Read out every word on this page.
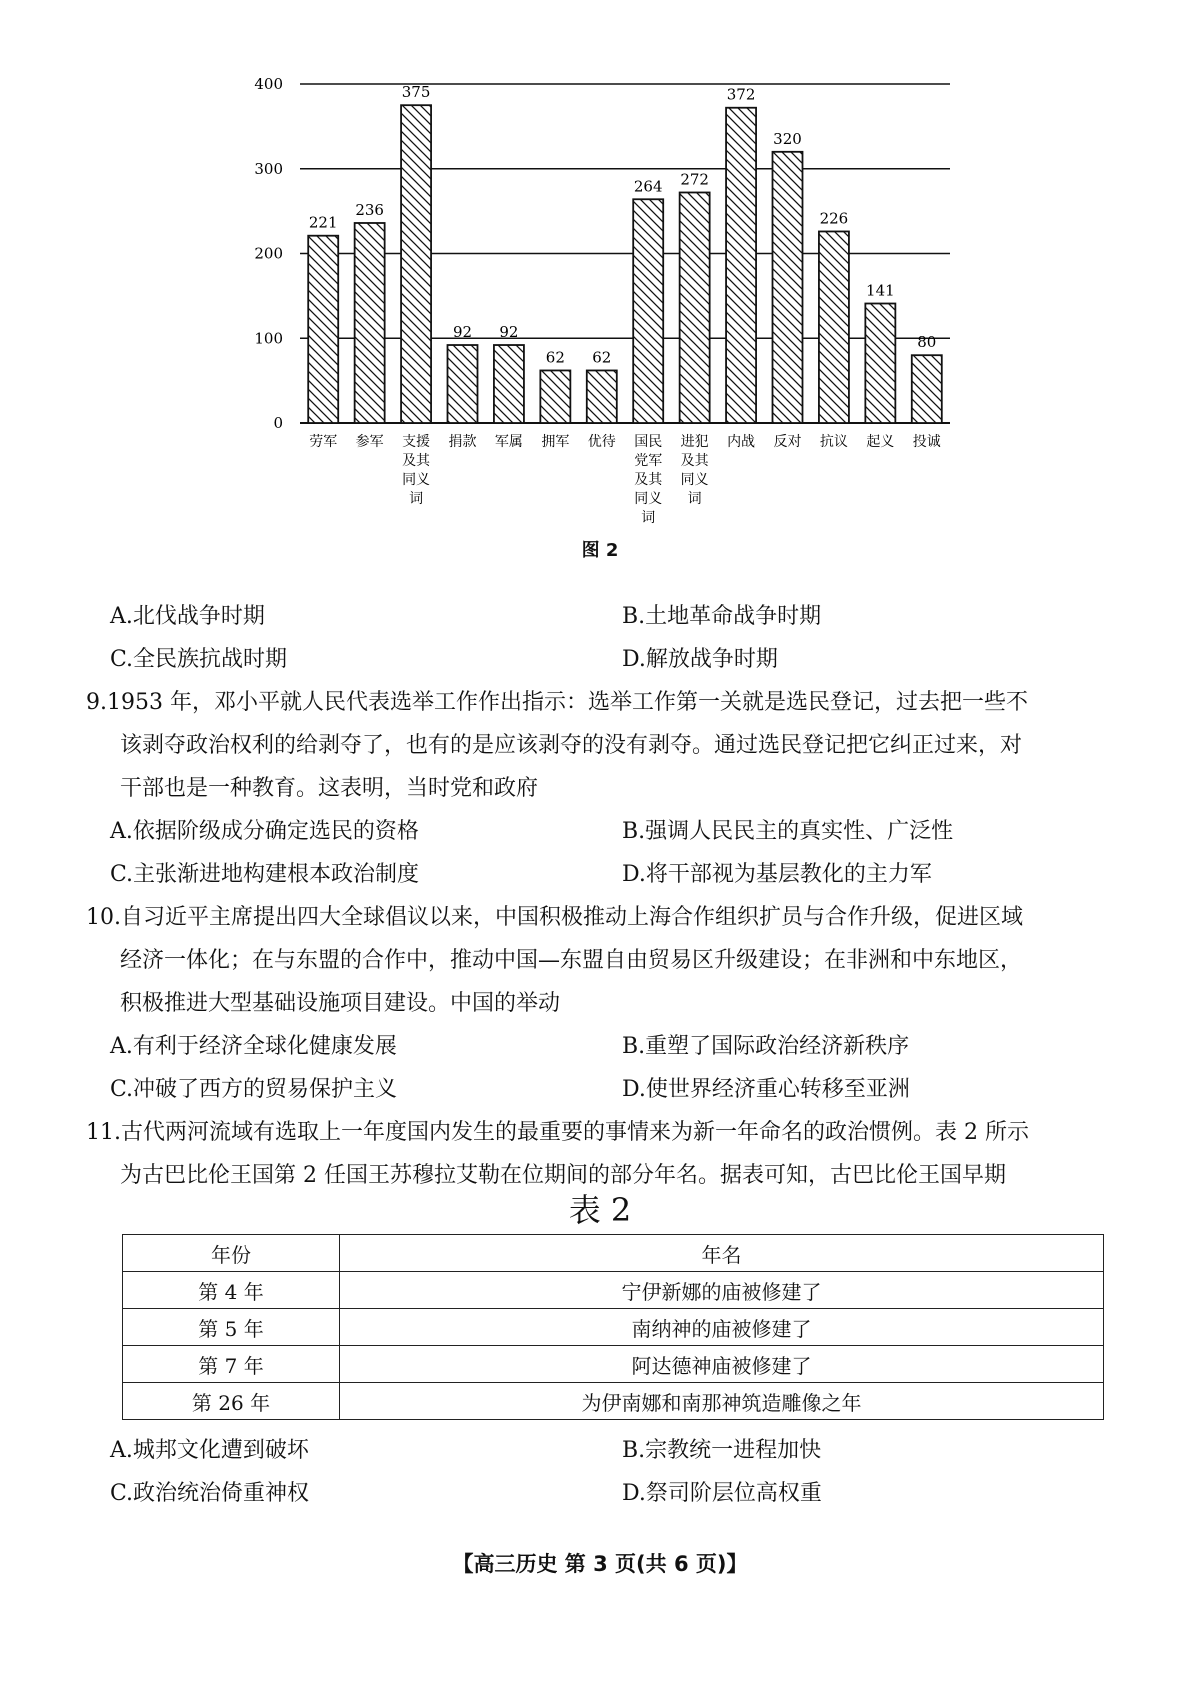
221
236
375
92 92
62 62
264 272
372
320
226
141
80
0
100
200
300
400
劳军 参军 支援及其同义词
捐款 军属 拥军 优待 国民党军及其同义词
进犯及其同义词
内战 反对 抗议 起义 投诚
图 2
A.北伐战争时期	B.土地革命战争时期
C.全民族抗战时期	D.解放战争时期
9.1953 年，邓小平就人民代表选举工作作出指示：选举工作第一关就是选民登记，过去把一些不
该剥夺政治权利的给剥夺了，也有的是应该剥夺的没有剥夺。通过选民登记把它纠正过来，对
干部也是一种教育。这表明，当时党和政府
A.依据阶级成分确定选民的资格	B.强调人民民主的真实性、广泛性
C.主张渐进地构建根本政治制度	D.将干部视为基层教化的主力军
10.自习近平主席提出四大全球倡议以来，中国积极推动上海合作组织扩员与合作升级，促进区域
经济一体化；在与东盟的合作中，推动中国—东盟自由贸易区升级建设；在非洲和中东地区，
积极推进大型基础设施项目建设。中国的举动
A.有利于经济全球化健康发展	B.重塑了国际政治经济新秩序
C.冲破了西方的贸易保护主义	D.使世界经济重心转移至亚洲
11.古代两河流域有选取上一年度国内发生的最重要的事情来为新一年命名的政治惯例。表 2 所示
为古巴比伦王国第 2 任国王苏穆拉艾勒在位期间的部分年名。据表可知，古巴比伦王国早期
表 2
年份	年名
第 4 年	宁伊新娜的庙被修建了
第 5 年	南纳神的庙被修建了
第 7 年	阿达德神庙被修建了
第 26 年	为伊南娜和南那神筑造雕像之年
A.城邦文化遭到破坏	B.宗教统一进程加快
C.政治统治倚重神权	D.祭司阶层位高权重
【高三历史 第 3 页(共 6 页)】
